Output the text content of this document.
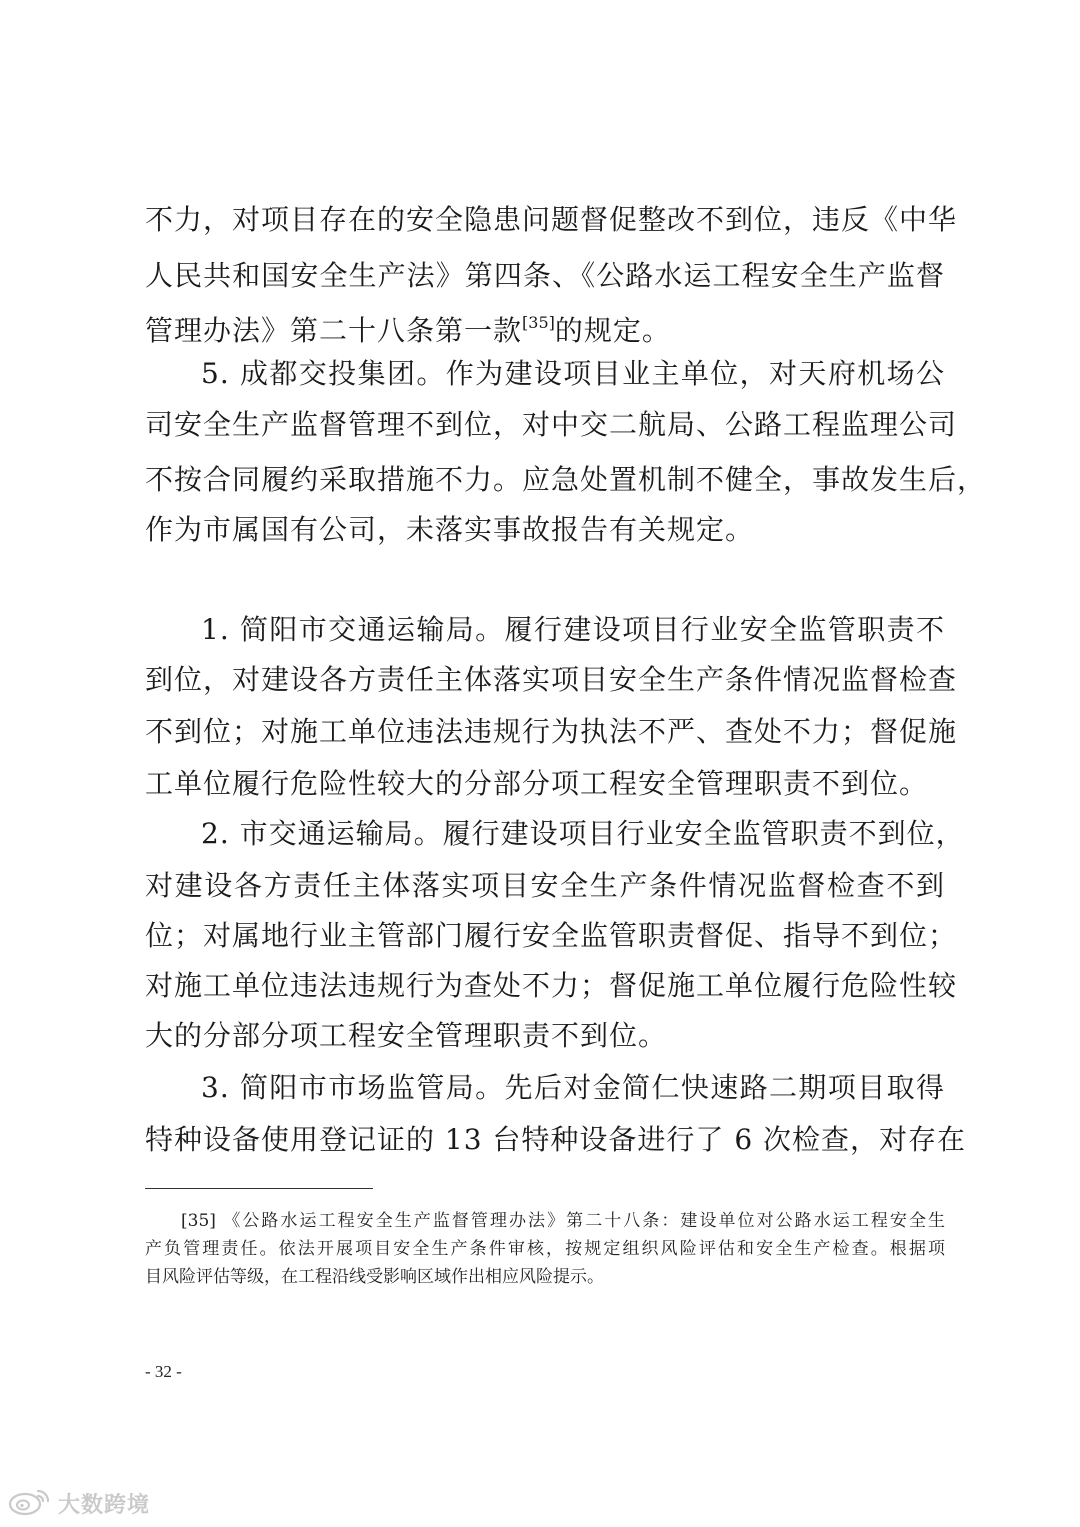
不力，对项目存在的安全隐患问题督促整改不到位，违反《中华
人民共和国安全生产法》第四条、《公路水运工程安全生产监督
管理办法》第二十八条第一款[35]的规定。
5. 成都交投集团。作为建设项目业主单位，对天府机场公
司安全生产监督管理不到位，对中交二航局、公路工程监理公司
不按合同履约采取措施不力。应急处置机制不健全，事故发生后，
作为市属国有公司，未落实事故报告有关规定。
1. 简阳市交通运输局。履行建设项目行业安全监管职责不
到位，对建设各方责任主体落实项目安全生产条件情况监督检查
不到位；对施工单位违法违规行为执法不严、查处不力；督促施
工单位履行危险性较大的分部分项工程安全管理职责不到位。
2. 市交通运输局。履行建设项目行业安全监管职责不到位，
对建设各方责任主体落实项目安全生产条件情况监督检查不到
位；对属地行业主管部门履行安全监管职责督促、指导不到位；
对施工单位违法违规行为查处不力；督促施工单位履行危险性较
大的分部分项工程安全管理职责不到位。
3. 简阳市市场监管局。先后对金简仁快速路二期项目取得
特种设备使用登记证的 13 台特种设备进行了 6 次检查，对存在
[35] 《公路水运工程安全生产监督管理办法》第二十八条：建设单位对公路水运工程安全生
产负管理责任。依法开展项目安全生产条件审核，按规定组织风险评估和安全生产检查。根据项
目风险评估等级，在工程沿线受影响区域作出相应风险提示。
- 32 -
大数跨境
